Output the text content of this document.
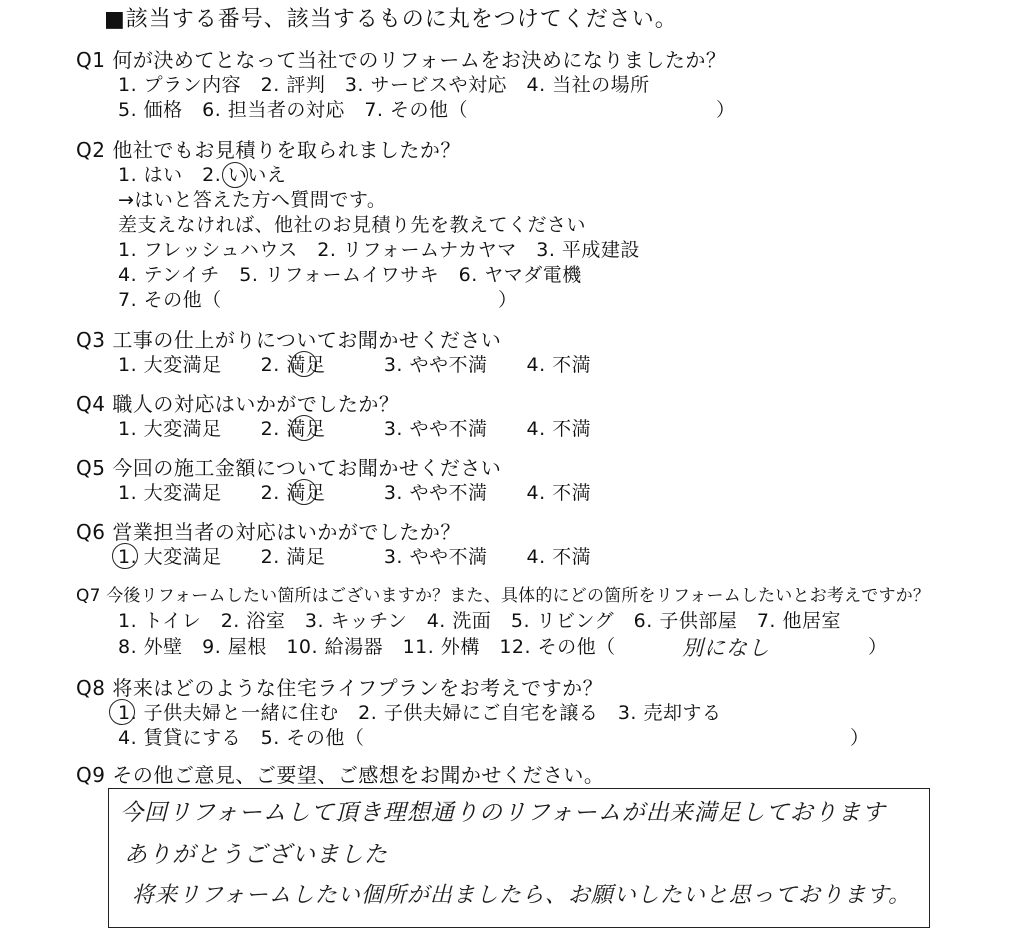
■該当する番号、該当するものに丸をつけてください。
Q1 何が決めてとなって当社でのリフォームをお決めになりましたか？
1. プラン内容　2. 評判　3. サービスや対応　4. 当社の場所
5. 価格　6. 担当者の対応　7. その他（	）
Q2 他社でもお見積りを取られましたか？
1. はい　2. いいえ
→はいと答えた方へ質問です。
差支えなければ、他社のお見積り先を教えてください
1. フレッシュハウス　2. リフォームナカヤマ　3. 平成建設
4. テンイチ　5. リフォームイワサキ　6. ヤマダ電機
7. その他（	）
Q3 工事の仕上がりについてお聞かせください
1. 大変満足　　2. 満足　　　3. やや不満　　4. 不満
Q4 職人の対応はいかがでしたか？
1. 大変満足　　2. 満足　　　3. やや不満　　4. 不満
Q5 今回の施工金額についてお聞かせください
1. 大変満足　　2. 満足　　　3. やや不満　　4. 不満
Q6 営業担当者の対応はいかがでしたか？
1. 大変満足　　2. 満足　　　3. やや不満　　4. 不満
Q7 今後リフォームしたい箇所はございますか？また、具体的にどの箇所をリフォームしたいとお考えですか？
1. トイレ　2. 浴室　3. キッチン　4. 洗面　5. リビング　6. 子供部屋　7. 他居室
8. 外壁　9. 屋根　10. 給湯器　11. 外構　12. その他（	別になし	）
Q8 将来はどのような住宅ライフプランをお考えですか？
1. 子供夫婦と一緒に住む　2. 子供夫婦にご自宅を譲る　3. 売却する
4. 賃貸にする　5. その他（	）
Q9 その他ご意見、ご要望、ご感想をお聞かせください。
今回リフォームして頂き理想通りのリフォームが出来満足しております
ありがとうございました
将来リフォームしたい個所が出ましたら、お願いしたいと思っております。
